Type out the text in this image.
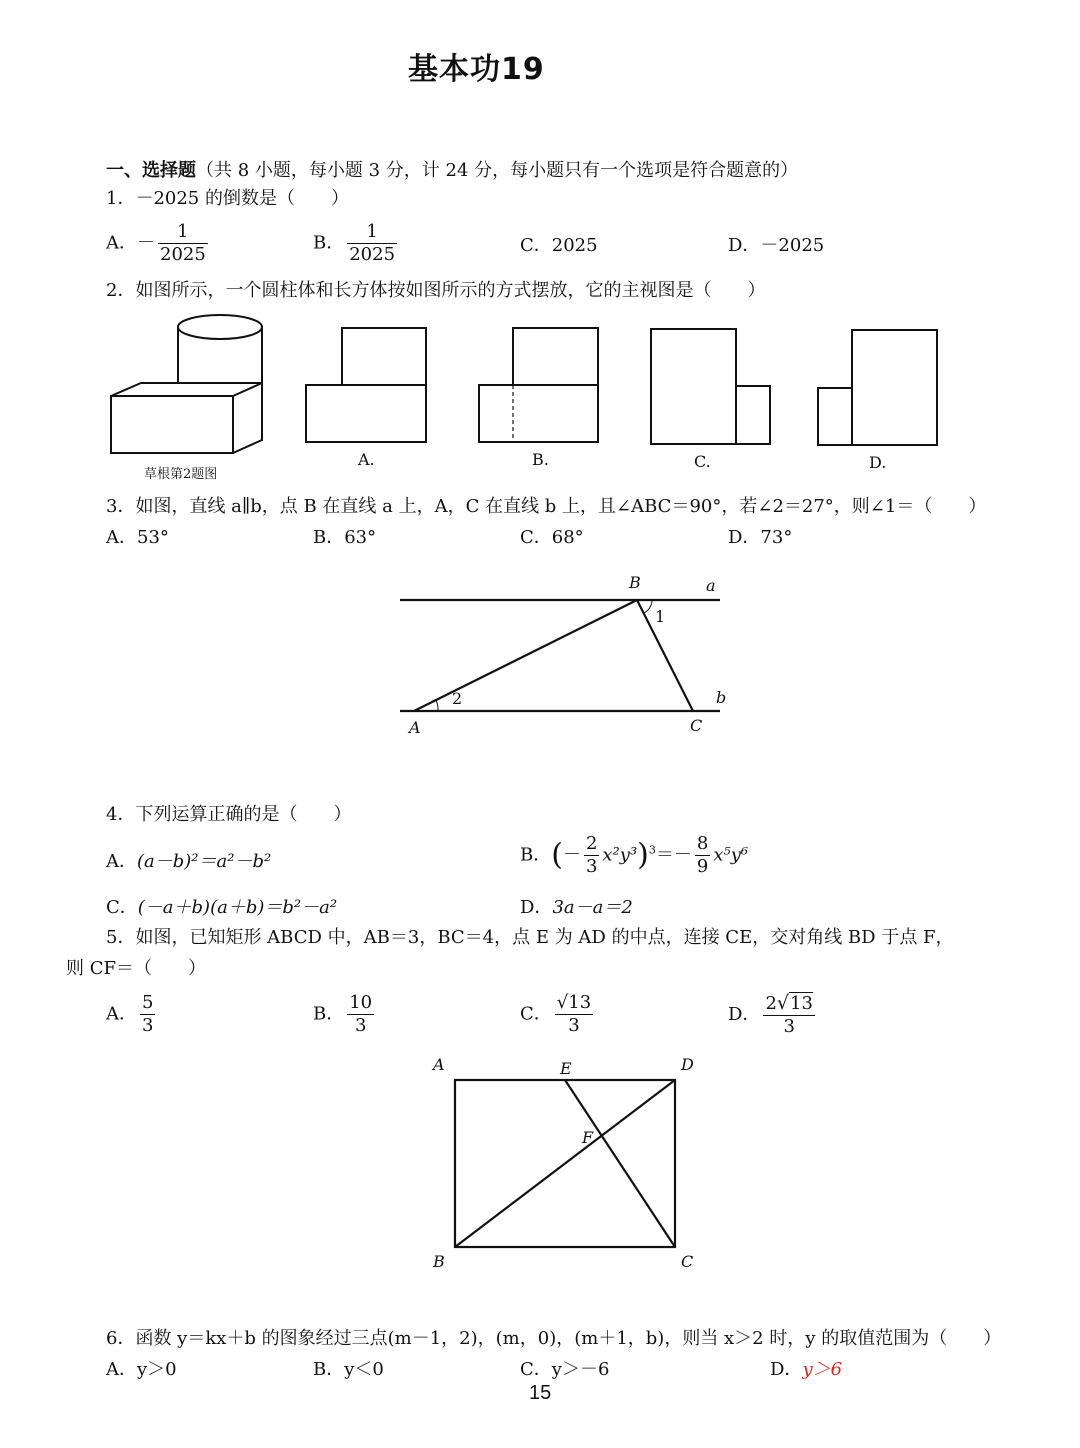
基本功19
一、选择题（共 8 小题，每小题 3 分，计 24 分，每小题只有一个选项是符合题意的）
1．－2025 的倒数是（　　）
A．－ $\frac{1}{2025}$	B． $\frac{1}{2025}$	C．2025	D．－2025
2．如图所示，一个圆柱体和长方体按如图所示的方式摆放，它的主视图是（　　）
草根第2题图
A.	B.	C.	D.
3．如图，直线 a∥b，点 B 在直线 a 上，A，C 在直线 b 上，且∠ABC＝90°，若∠2＝27°，则∠1＝（　　）
A．53°	B．63°	C．68°	D．73°
B	a
1
2
A	C
b
4．下列运算正确的是（　　）
A．(a－b)²＝a²－b²	B．(－ $\frac{2}{3} x^2y^3)^3=- \frac{8}{9} x^5y^6$
C．(－a＋b)(a＋b)＝b²－a²	D．3a－a＝2
5．如图，已知矩形 ABCD 中，AB＝3，BC＝4，点 E 为 AD 的中点，连接 CE，交对角线 BD 于点 F，
则 CF＝（　　）
A． $\frac{5}{3}$	B． $\frac{10}{3}$	C． $\frac{√13}{3}$	D． $\frac{2√13}{3}$
A	E	D
F
B	C
6．函数 y＝kx＋b 的图象经过三点(m－1，2)，(m，0)，(m＋1，b)，则当 x＞2 时，y 的取值范围为（　　）
A．y＞0	B．y＜0	C．y＞－6	D．y＞6
15
